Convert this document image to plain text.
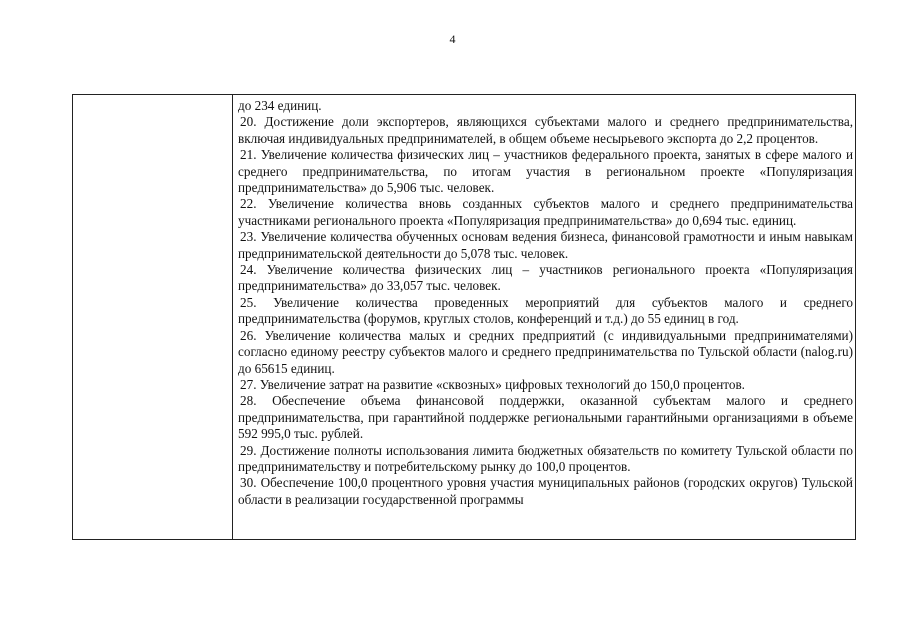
4

до 234 единиц.

20. Достижение доли экспортеров, являющихся субъектами малого и среднего предпринимательства, включая индивидуальных предпринимателей, в общем объеме несырьевого экспорта до 2,2 процентов.

21. Увеличение количества физических лиц – участников федерального проекта, занятых в сфере малого и среднего предпринимательства, по итогам участия в региональном проекте «Популяризация предпринимательства» до 5,906 тыс. человек.

22. Увеличение количества вновь созданных субъектов малого и среднего предпринимательства участниками регионального проекта «Популяризация предпринимательства» до 0,694 тыс. единиц.

23. Увеличение количества обученных основам ведения бизнеса, финансовой грамотности и иным навыкам предпринимательской деятельности до 5,078 тыс. человек.

24. Увеличение количества физических лиц – участников регионального проекта «Популяризация предпринимательства» до 33,057 тыс. человек.

25. Увеличение количества проведенных мероприятий для субъектов малого и среднего предпринимательства (форумов, круглых столов, конференций и т.д.) до 55 единиц в год.

26. Увеличение количества малых и средних предприятий (с индивидуальными предпринимателями) согласно единому реестру субъектов малого и среднего предпринимательства по Тульской области (nalog.ru) до 65615 единиц.

27. Увеличение затрат на развитие «сквозных» цифровых технологий до 150,0 процентов.

28. Обеспечение объема финансовой поддержки, оказанной субъектам малого и среднего предпринимательства, при гарантийной поддержке региональными гарантийными организациями в объеме 592 995,0 тыс. рублей.

29. Достижение полноты использования лимита бюджетных обязательств по комитету Тульской области по предпринимательству и потребительскому рынку до 100,0 процентов.

30. Обеспечение 100,0 процентного уровня участия муниципальных районов (городских округов) Тульской области в реализации государственной программы
